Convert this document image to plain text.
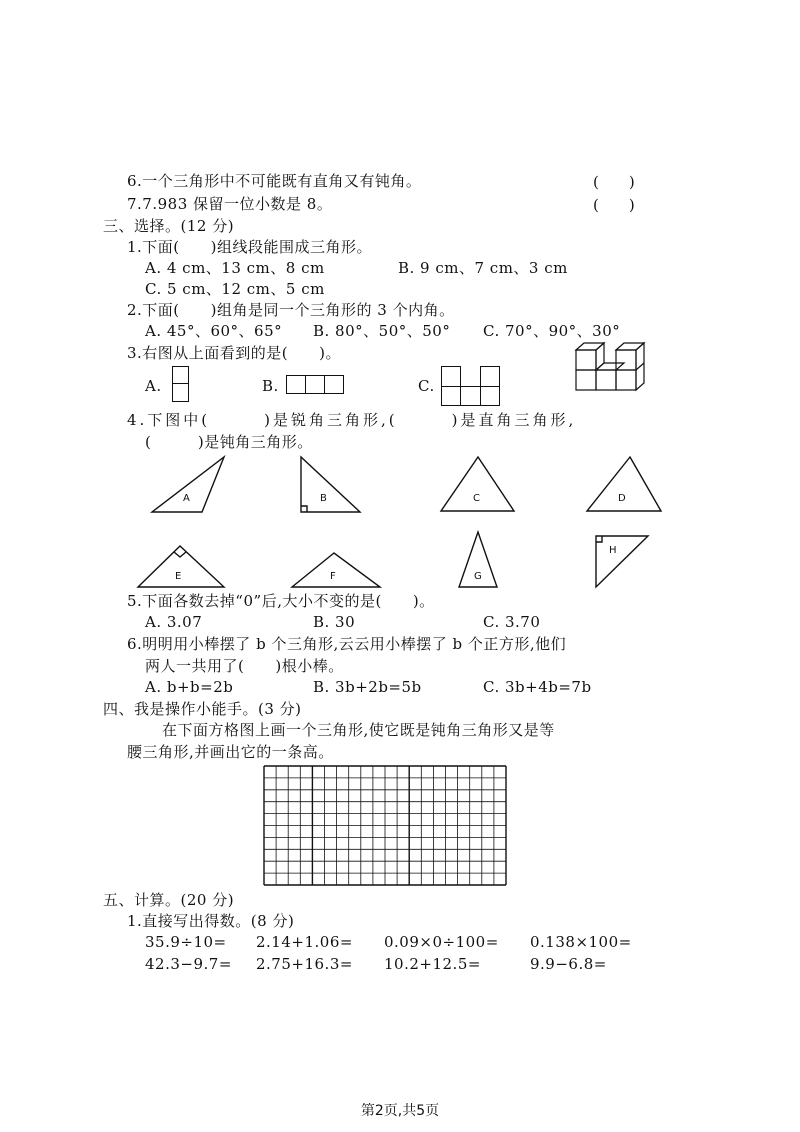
6.一个三角形中不可能既有直角又有钝角。	(　　)
7.7.983 保留一位小数是 8。	(　　)
三、选择。(12 分)
1.下面(　　)组线段能围成三角形。
A. 4 cm、13 cm、8 cm	B. 9 cm、7 cm、3 cm
C. 5 cm、12 cm、5 cm
2.下面(　　)组角是同一个三角形的 3 个内角。
A. 45°、60°、65° B. 80°、50°、50° C. 70°、90°、30°
3.右图从上面看到的是(　　)。
A.	B.	C.
4.下图中(　　　)是锐角三角形,(　　　)是直角三角形,
(　　　)是钝角三角形。
A	B	C	D
E	F	G
H
5.下面各数去掉“0”后,大小不变的是(　　)。
A. 3.07	B. 30	C. 3.70
6.明明用小棒摆了 b 个三角形,云云用小棒摆了 b 个正方形,他们
两人一共用了(　　)根小棒。
A. b+b=2b	B. 3b+2b=5b	C. 3b+4b=7b
四、我是操作小能手。(3 分)
在下面方格图上画一个三角形,使它既是钝角三角形又是等
腰三角形,并画出它的一条高。
五、计算。(20 分)
1.直接写出得数。(8 分)
35.9÷10= 2.14+1.06= 0.09×0÷100= 0.138×100=
42.3−9.7= 2.75+16.3= 10.2+12.5=	9.9−6.8=
第2页,共5页
